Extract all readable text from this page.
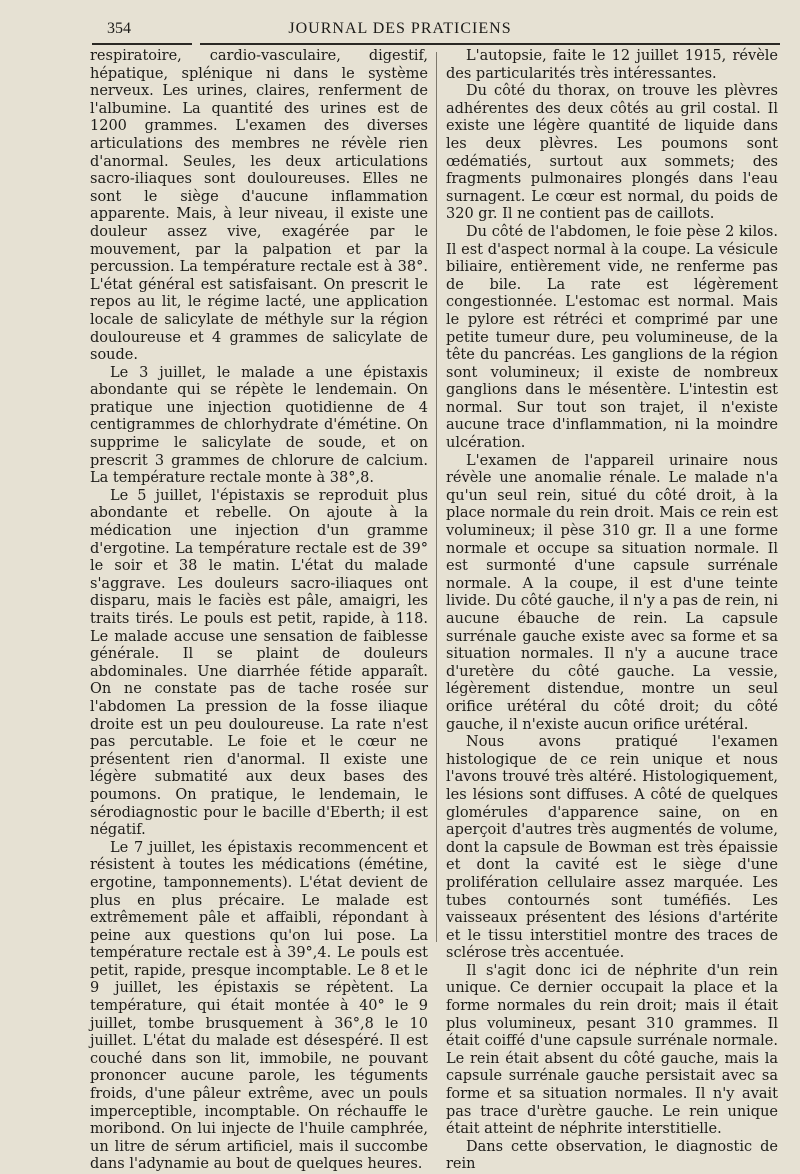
354	JOURNAL DES PRATICIENS

respiratoire, cardio-vasculaire, digestif, hépatique, splénique ni dans le système nerveux. Les urines, claires, renferment de l'albumine. La quantité des urines est de 1200 grammes. L'examen des diverses articulations des membres ne révèle rien d'anormal. Seules, les deux articulations sacro-iliaques sont douloureuses. Elles ne sont le siège d'aucune inflammation apparente. Mais, à leur niveau, il existe une douleur assez vive, exagérée par le mouvement, par la palpation et par la percussion. La température rectale est à 38°. L'état général est satisfaisant. On prescrit le repos au lit, le régime lacté, une application locale de salicylate de méthyle sur la région douloureuse et 4 grammes de salicylate de soude.

Le 3 juillet, le malade a une épistaxis abondante qui se répète le lendemain. On pratique une injection quotidienne de 4 centigrammes de chlorhydrate d'émétine. On supprime le salicylate de soude, et on prescrit 3 grammes de chlorure de calcium. La température rectale monte à 38°,8.

Le 5 juillet, l'épistaxis se reproduit plus abondante et rebelle. On ajoute à la médication une injection d'un gramme d'ergotine. La température rectale est de 39° le soir et 38 le matin. L'état du malade s'aggrave. Les douleurs sacro-iliaques ont disparu, mais le faciès est pâle, amaigri, les traits tirés. Le pouls est petit, rapide, à 118. Le malade accuse une sensation de faiblesse générale. Il se plaint de douleurs abdominales. Une diarrhée fétide apparaît. On ne constate pas de tache rosée sur l'abdomen La pression de la fosse iliaque droite est un peu douloureuse. La rate n'est pas percutable. Le foie et le cœur ne présentent rien d'anormal. Il existe une légère submatité aux deux bases des poumons. On pratique, le lendemain, le sérodiagnostic pour le bacille d'Eberth; il est négatif.

Le 7 juillet, les épistaxis recommencent et résistent à toutes les médications (émétine, ergotine, tamponnements). L'état devient de plus en plus précaire. Le malade est extrêmement pâle et affaibli, répondant à peine aux questions qu'on lui pose. La température rectale est à 39°,4. Le pouls est petit, rapide, presque incomptable. Le 8 et le 9 juillet, les épistaxis se répètent. La température, qui était montée à 40° le 9 juillet, tombe brusquement à 36°,8 le 10 juillet. L'état du malade est désespéré. Il est couché dans son lit, immobile, ne pouvant prononcer aucune parole, les téguments froids, d'une pâleur extrême, avec un pouls imperceptible, incomptable. On réchauffe le moribond. On lui injecte de l'huile camphrée, un litre de sérum artificiel, mais il succombe dans l'adynamie au bout de quelques heures.

L'autopsie, faite le 12 juillet 1915, révèle des particularités très intéressantes.

Du côté du thorax, on trouve les plèvres adhérentes des deux côtés au gril costal. Il existe une légère quantité de liquide dans les deux plèvres. Les poumons sont œdématiés, surtout aux sommets; des fragments pulmonaires plongés dans l'eau surnagent. Le cœur est normal, du poids de 320 gr. Il ne contient pas de caillots.

Du côté de l'abdomen, le foie pèse 2 kilos. Il est d'aspect normal à la coupe. La vésicule biliaire, entièrement vide, ne renferme pas de bile. La rate est légèrement congestionnée. L'estomac est normal. Mais le pylore est rétréci et comprimé par une petite tumeur dure, peu volumineuse, de la tête du pancréas. Les ganglions de la région sont volumineux; il existe de nombreux ganglions dans le mésentère. L'intestin est normal. Sur tout son trajet, il n'existe aucune trace d'inflammation, ni la moindre ulcération.

L'examen de l'appareil urinaire nous révèle une anomalie rénale. Le malade n'a qu'un seul rein, situé du côté droit, à la place normale du rein droit. Mais ce rein est volumineux; il pèse 310 gr. Il a une forme normale et occupe sa situation normale. Il est surmonté d'une capsule surrénale normale. A la coupe, il est d'une teinte livide. Du côté gauche, il n'y a pas de rein, ni aucune ébauche de rein. La capsule surrénale gauche existe avec sa forme et sa situation normales. Il n'y a aucune trace d'uretère du côté gauche. La vessie, légèrement distendue, montre un seul orifice urétéral du côté droit; du côté gauche, il n'existe aucun orifice urétéral.

Nous avons pratiqué l'examen histologique de ce rein unique et nous l'avons trouvé très altéré. Histologiquement, les lésions sont diffuses. A côté de quelques glomérules d'apparence saine, on en aperçoit d'autres très augmentés de volume, dont la capsule de Bowman est très épaissie et dont la cavité est le siège d'une prolifération cellulaire assez marquée. Les tubes contournés sont tuméfiés. Les vaisseaux présentent des lésions d'artérite et le tissu interstitiel montre des traces de sclérose très accentuée.

Il s'agit donc ici de néphrite d'un rein unique. Ce dernier occupait la place et la forme normales du rein droit; mais il était plus volumineux, pesant 310 grammes. Il était coiffé d'une capsule surrénale normale. Le rein était absent du côté gauche, mais la capsule surrénale gauche persistait avec sa forme et sa situation normales. Il n'y avait pas trace d'urètre gauche. Le rein unique était atteint de néphrite interstitielle.

Dans cette observation, le diagnostic de rein
